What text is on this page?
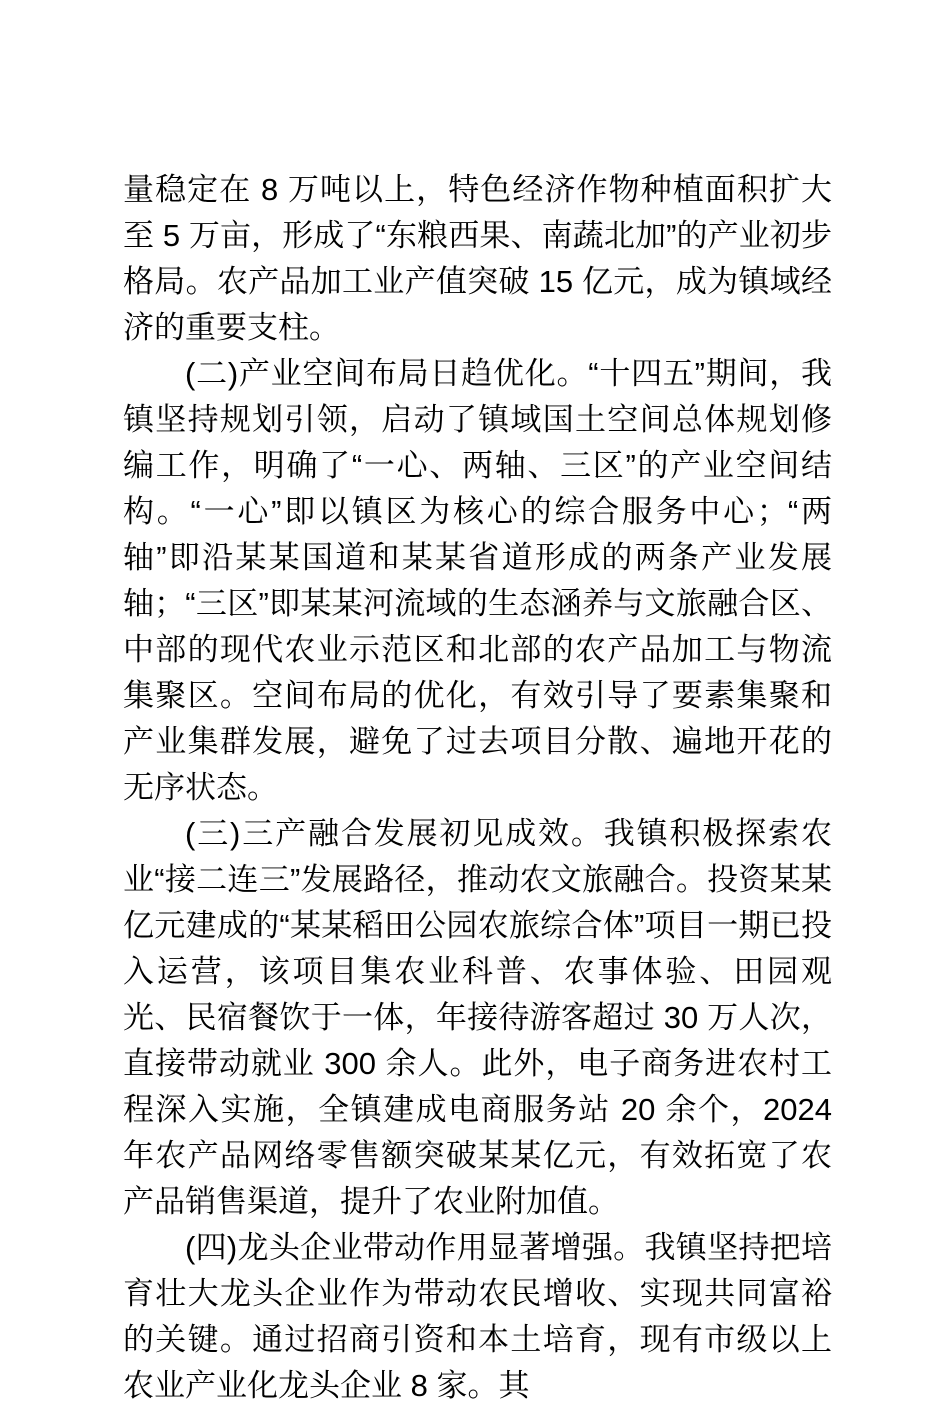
量稳定在 8 万吨以上，特色经济作物种植面积扩大至 5 万亩，形成了“东粮西果、南蔬北加”的产业初步格局。农产品加工业产值突破 15 亿元，成为镇域经济的重要支柱。

(二)产业空间布局日趋优化。“十四五”期间，我镇坚持规划引领，启动了镇域国土空间总体规划修编工作，明确了“一心、两轴、三区”的产业空间结构。“一心”即以镇区为核心的综合服务中心；“两轴”即沿某某国道和某某省道形成的两条产业发展轴；“三区”即某某河流域的生态涵养与文旅融合区、中部的现代农业示范区和北部的农产品加工与物流集聚区。空间布局的优化，有效引导了要素集聚和产业集群发展，避免了过去项目分散、遍地开花的无序状态。

(三)三产融合发展初见成效。我镇积极探索农业“接二连三”发展路径，推动农文旅融合。投资某某亿元建成的“某某稻田公园农旅综合体”项目一期已投入运营，该项目集农业科普、农事体验、田园观光、民宿餐饮于一体，年接待游客超过 30 万人次，直接带动就业 300 余人。此外，电子商务进农村工程深入实施，全镇建成电商服务站 20 余个，2024 年农产品网络零售额突破某某亿元，有效拓宽了农产品销售渠道，提升了农业附加值。

(四)龙头企业带动作用显著增强。我镇坚持把培育壮大龙头企业作为带动农民增收、实现共同富裕的关键。通过招商引资和本土培育，现有市级以上农业产业化龙头企业 8 家。其
